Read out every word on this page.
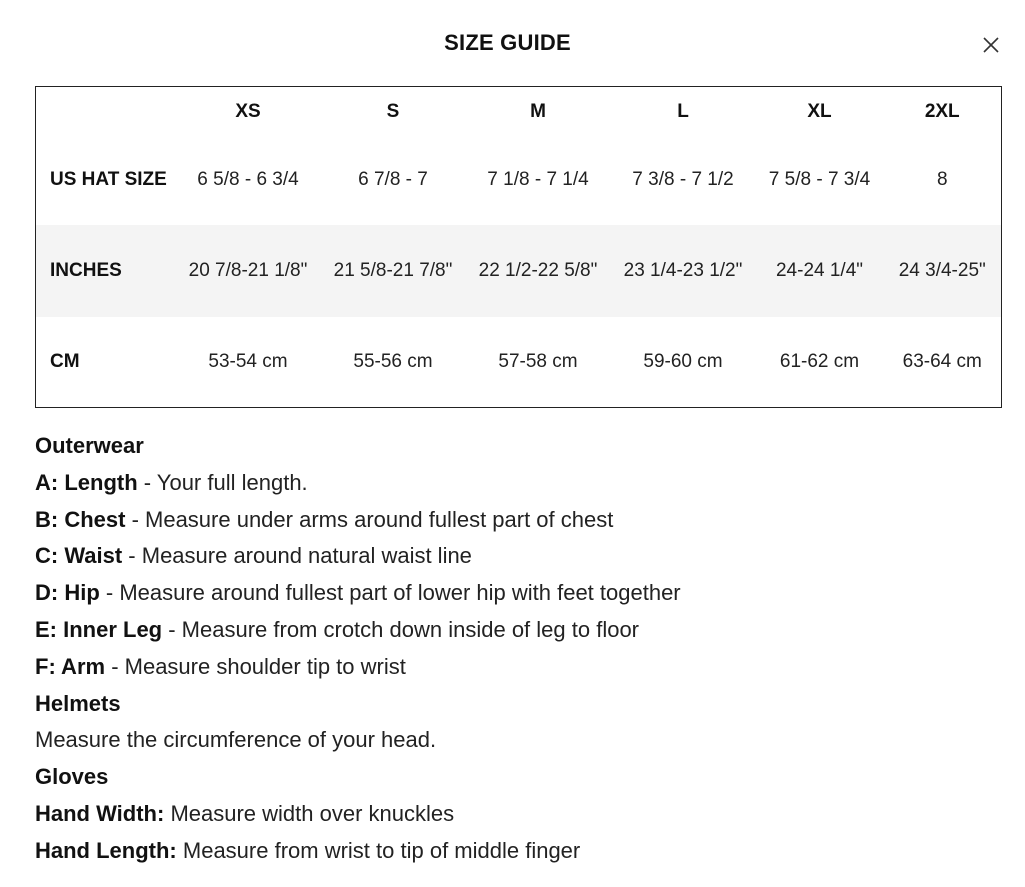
SIZE GUIDE
	XS	S	M	L	XL	2XL
US HAT SIZE	6 5/8 - 6 3/4	6 7/8 - 7	7 1/8 - 7 1/4	7 3/8 - 7 1/2	7 5/8 - 7 3/4	8
INCHES	20 7/8-21 1/8"	21 5/8-21 7/8"	22 1/2-22 5/8"	23 1/4-23 1/2"	24-24 1/4"	24 3/4-25"
CM	53-54 cm	55-56 cm	57-58 cm	59-60 cm	61-62 cm	63-64 cm
Outerwear
A: Length - Your full length.
B: Chest - Measure under arms around fullest part of chest
C: Waist - Measure around natural waist line
D: Hip - Measure around fullest part of lower hip with feet together
E: Inner Leg - Measure from crotch down inside of leg to floor
F: Arm - Measure shoulder tip to wrist
Helmets
Measure the circumference of your head.
Gloves
Hand Width: Measure width over knuckles
Hand Length: Measure from wrist to tip of middle finger
